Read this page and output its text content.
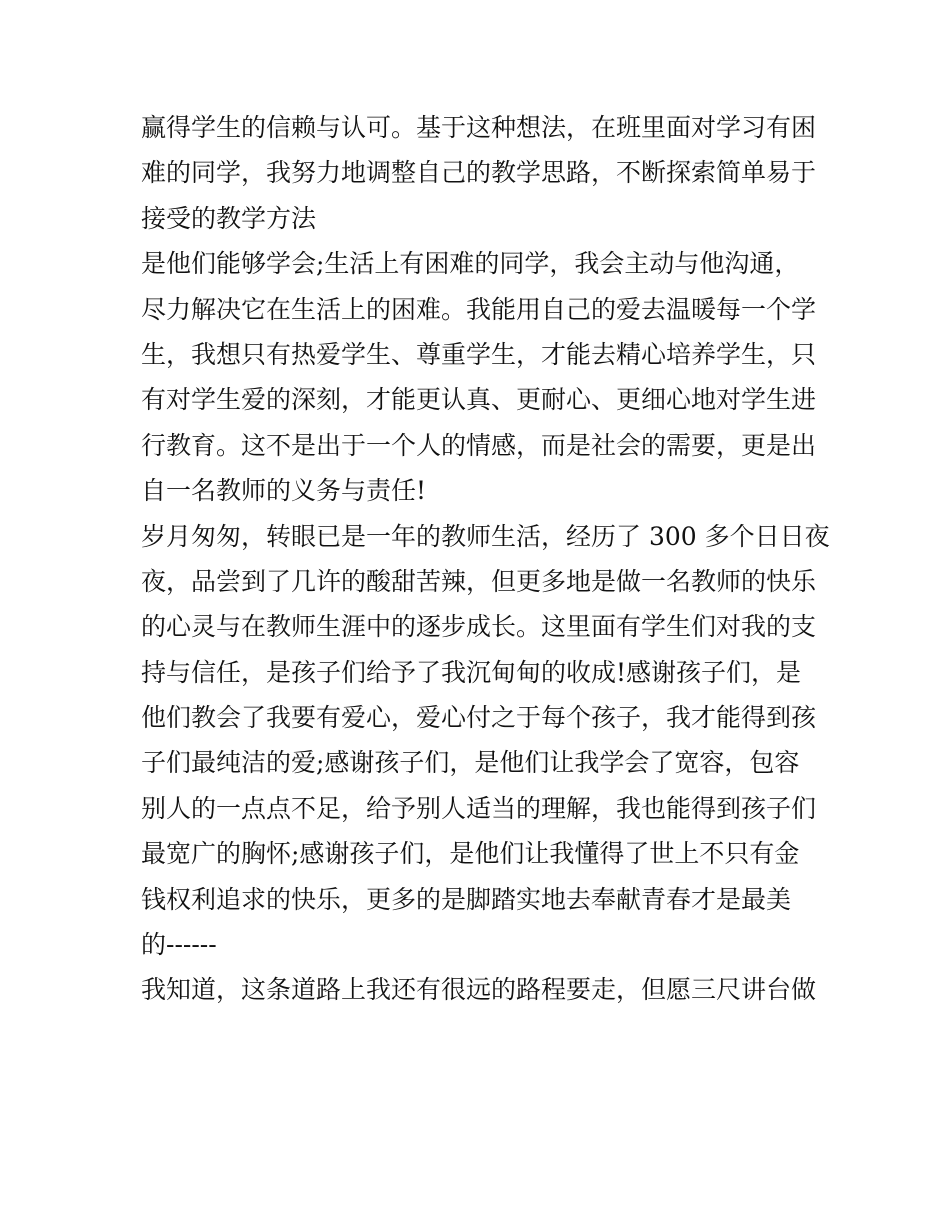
赢得学生的信赖与认可。基于这种想法，在班里面对学习有困
难的同学，我努力地调整自己的教学思路，不断探索简单易于
接受的教学方法
是他们能够学会;生活上有困难的同学，我会主动与他沟通，
尽力解决它在生活上的困难。我能用自己的爱去温暖每一个学
生，我想只有热爱学生、尊重学生，才能去精心培养学生，只
有对学生爱的深刻，才能更认真、更耐心、更细心地对学生进
行教育。这不是出于一个人的情感，而是社会的需要，更是出
自一名教师的义务与责任!
岁月匆匆，转眼已是一年的教师生活，经历了 300 多个日日夜
夜，品尝到了几许的酸甜苦辣，但更多地是做一名教师的快乐
的心灵与在教师生涯中的逐步成长。这里面有学生们对我的支
持与信任，是孩子们给予了我沉甸甸的收成!感谢孩子们，是
他们教会了我要有爱心，爱心付之于每个孩子，我才能得到孩
子们最纯洁的爱;感谢孩子们，是他们让我学会了宽容，包容
别人的一点点不足，给予别人适当的理解，我也能得到孩子们
最宽广的胸怀;感谢孩子们，是他们让我懂得了世上不只有金
钱权利追求的快乐，更多的是脚踏实地去奉献青春才是最美
的------
我知道，这条道路上我还有很远的路程要走，但愿三尺讲台做
